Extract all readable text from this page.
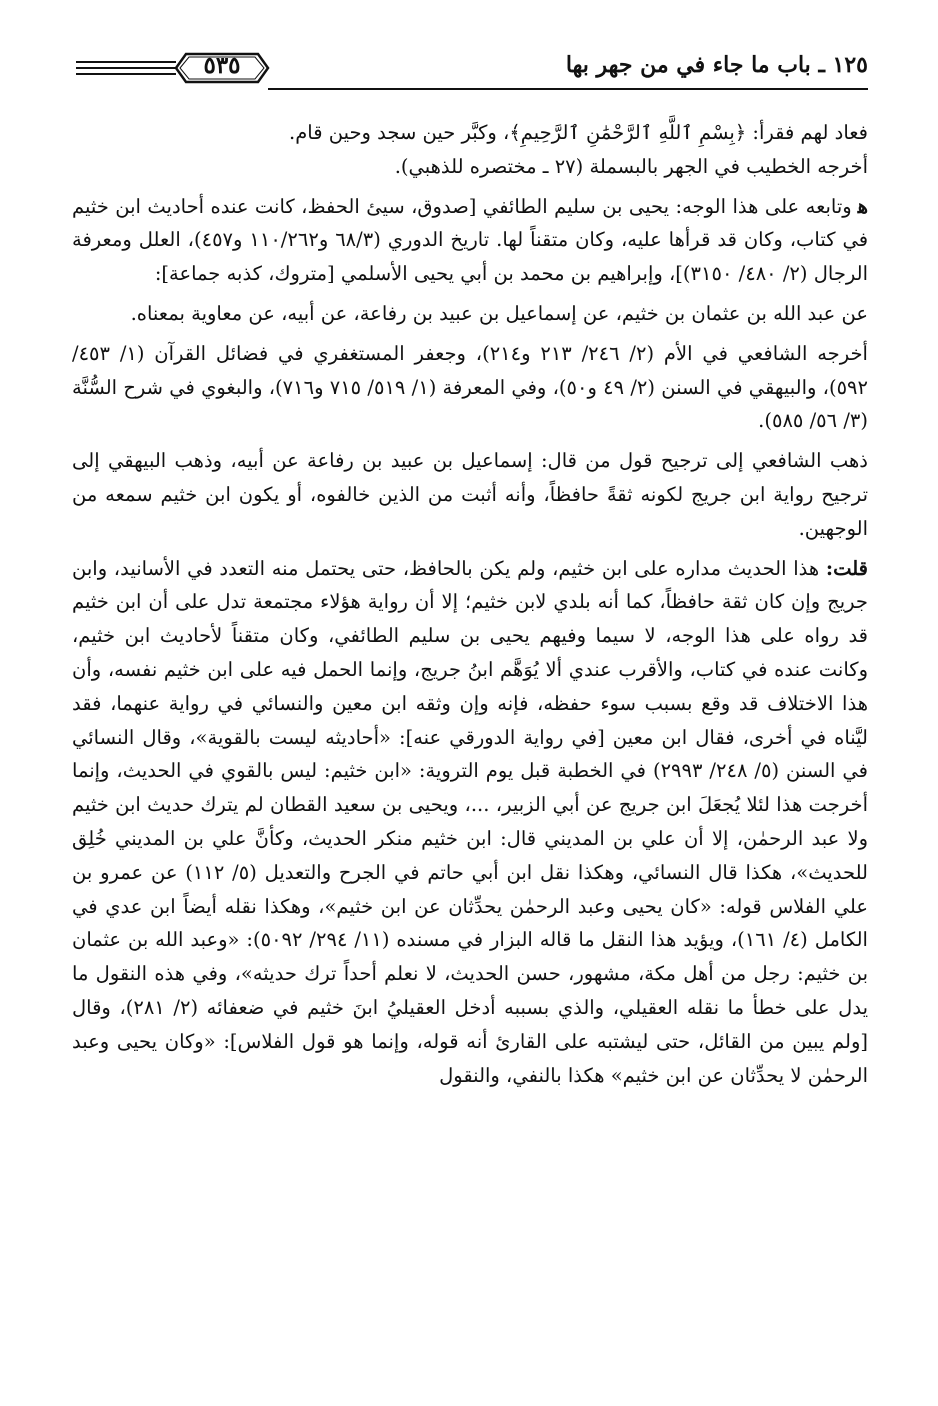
١٢٥ ـ باب ما جاء في من جهر بها
٥٣٥

فعاد لهم فقرأ: ﴿بِسْمِ ٱللَّهِ ٱلرَّحْمَٰنِ ٱلرَّحِيمِ﴾، وكبَّر حين سجد وحين قام.

أخرجه الخطيب في الجهر بالبسملة (٢٧ ـ مختصره للذهبي).

ﻫوتابعه على هذا الوجه: يحيى بن سليم الطائفي [صدوق، سيئ الحفظ، كانت عنده أحاديث ابن خثيم في كتاب، وكان قد قرأها عليه، وكان متقناً لها. تاريخ الدوري (٦٨/٣ و١١٠/٢٦٢ و٤٥٧)، العلل ومعرفة الرجال (٢/ ٤٨٠/ ٣١٥٠)]، وإبراهيم بن محمد بن أبي يحيى الأسلمي [متروك، كذبه جماعة]:

عن عبد الله بن عثمان بن خثيم، عن إسماعيل بن عبيد بن رفاعة، عن أبيه، عن معاوية بمعناه.

أخرجه الشافعي في الأم (٢/ ٢٤٦/ ٢١٣ و٢١٤)، وجعفر المستغفري في فضائل القرآن (١/ ٤٥٣/ ٥٩٢)، والبيهقي في السنن (٢/ ٤٩ و٥٠)، وفي المعرفة (١/ ٥١٩/ ٧١٥ و٧١٦)، والبغوي في شرح السُّنَّة (٣/ ٥٦/ ٥٨٥).

ذهب الشافعي إلى ترجيح قول من قال: إسماعيل بن عبيد بن رفاعة عن أبيه، وذهب البيهقي إلى ترجيح رواية ابن جريج لكونه ثقةً حافظاً، وأنه أثبت من الذين خالفوه، أو يكون ابن خثيم سمعه من الوجهين.

قلت: هذا الحديث مداره على ابن خثيم، ولم يكن بالحافظ، حتى يحتمل منه التعدد في الأسانيد، وابن جريج وإن كان ثقة حافظاً، كما أنه بلدي لابن خثيم؛ إلا أن رواية هؤلاء مجتمعة تدل على أن ابن خثيم قد رواه على هذا الوجه، لا سيما وفيهم يحيى بن سليم الطائفي، وكان متقناً لأحاديث ابن خثيم، وكانت عنده في كتاب، والأقرب عندي ألا يُوَهَّم ابنُ جريج، وإنما الحمل فيه على ابن خثيم نفسه، وأن هذا الاختلاف قد وقع بسبب سوء حفظه، فإنه وإن وثقه ابن معين والنسائي في رواية عنهما، فقد ليَّناه في أخرى، فقال ابن معين [في رواية الدورقي عنه]: «أحاديثه ليست بالقوية»، وقال النسائي في السنن (٥/ ٢٤٨/ ٢٩٩٣) في الخطبة قبل يوم التروية: «ابن خثيم: ليس بالقوي في الحديث، وإنما أخرجت هذا لئلا يُجعَلَ ابن جريج عن أبي الزبير، ...، ويحيى بن سعيد القطان لم يترك حديث ابن خثيم ولا عبد الرحمٰن، إلا أن علي بن المديني قال: ابن خثيم منكر الحديث، وكأنَّ علي بن المديني خُلِق للحديث»، هكذا قال النسائي، وهكذا نقل ابن أبي حاتم في الجرح والتعديل (٥/ ١١٢) عن عمرو بن علي الفلاس قوله: «كان يحيى وعبد الرحمٰن يحدِّثان عن ابن خثيم»، وهكذا نقله أيضاً ابن عدي في الكامل (٤/ ١٦١)، ويؤيد هذا النقل ما قاله البزار في مسنده (١١/ ٢٩٤/ ٥٠٩٢): «وعبد الله بن عثمان بن خثيم: رجل من أهل مكة، مشهور، حسن الحديث، لا نعلم أحداً ترك حديثه»، وفي هذه النقول ما يدل على خطأ ما نقله العقيلي، والذي بسببه أدخل العقيليُ ابنَ خثيم في ضعفائه (٢/ ٢٨١)، وقال [ولم يبين من القائل، حتى ليشتبه على القارئ أنه قوله، وإنما هو قول الفلاس]: «وكان يحيى وعبد الرحمٰن لا يحدِّثان عن ابن خثيم» هكذا بالنفي، والنقول
